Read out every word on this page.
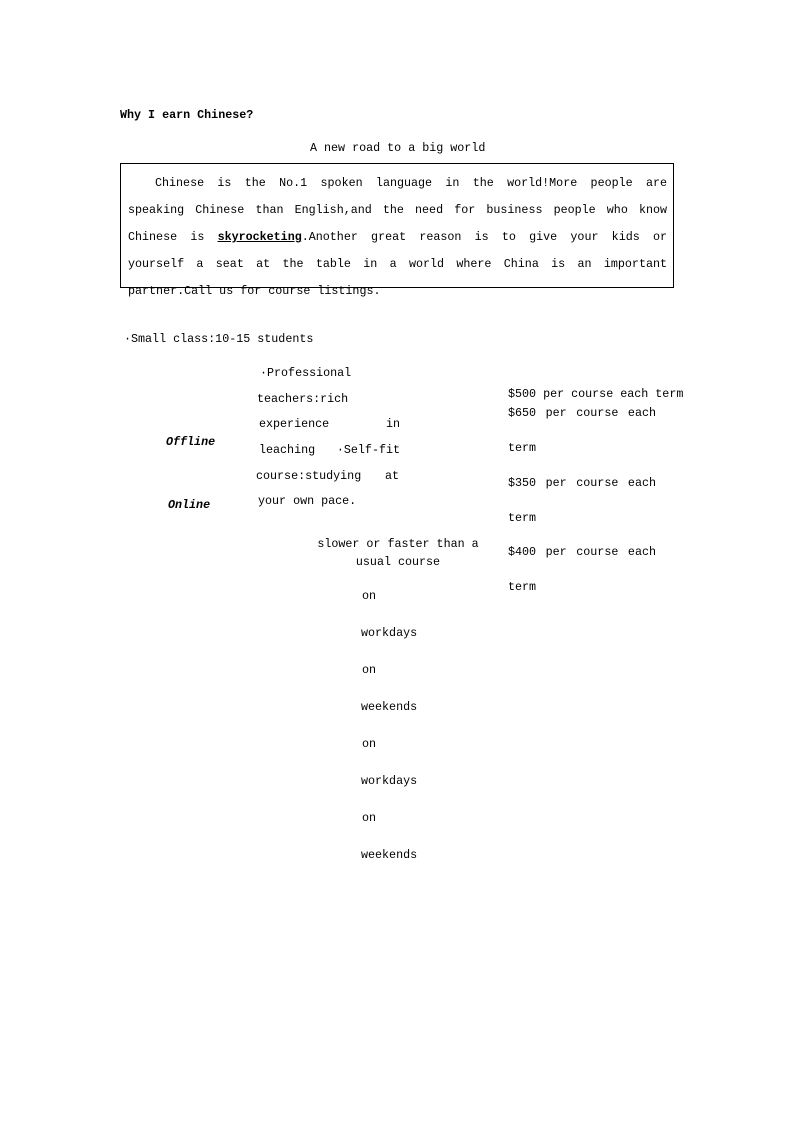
Why I earn Chinese?
A new road to a big world
Chinese is the No.1 spoken language in the world!More people are
speaking Chinese than English,and the need for business people who know
Chinese is skyrocketing.Another great reason is to give your kids or
yourself a seat at the table in a world where China is an important
partner.Call us for course listings.
·Small class:10-15 students
·Professional
teachers:rich
experience in
leaching ·Self-fit
course:studying at
your own pace.
Offline
Online
slower or faster than a
usual course
on
workdays
on
weekends
on
workdays
on
weekends
$500 per course each term
$650 per course each
term
$350 per course each
term
$400 per course each
term
